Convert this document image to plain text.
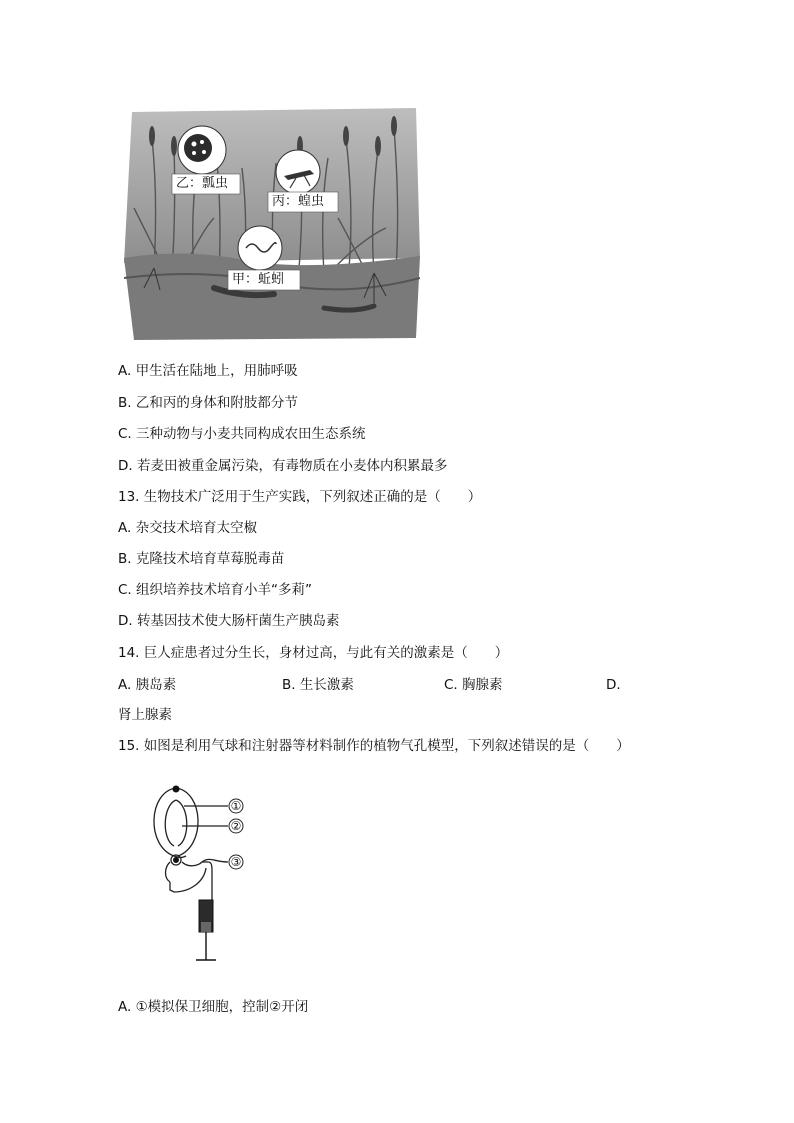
乙：瓢虫
丙：蝗虫
甲：蚯蚓
A. 甲生活在陆地上，用肺呼吸
B. 乙和丙的身体和附肢都分节
C. 三种动物与小麦共同构成农田生态系统
D. 若麦田被重金属污染，有毒物质在小麦体内积累最多
13. 生物技术广泛用于生产实践，下列叙述正确的是（　　）
A. 杂交技术培育太空椒
B. 克隆技术培育草莓脱毒苗
C. 组织培养技术培育小羊“多莉”
D. 转基因技术使大肠杆菌生产胰岛素
14. 巨人症患者过分生长，身材过高，与此有关的激素是（　　）
A. 胰岛素	B. 生长激素	C. 胸腺素	D.
肾上腺素
15. 如图是利用气球和注射器等材料制作的植物气孔模型，下列叙述错误的是（　　）
①
②
③
A. ①模拟保卫细胞，控制②开闭
